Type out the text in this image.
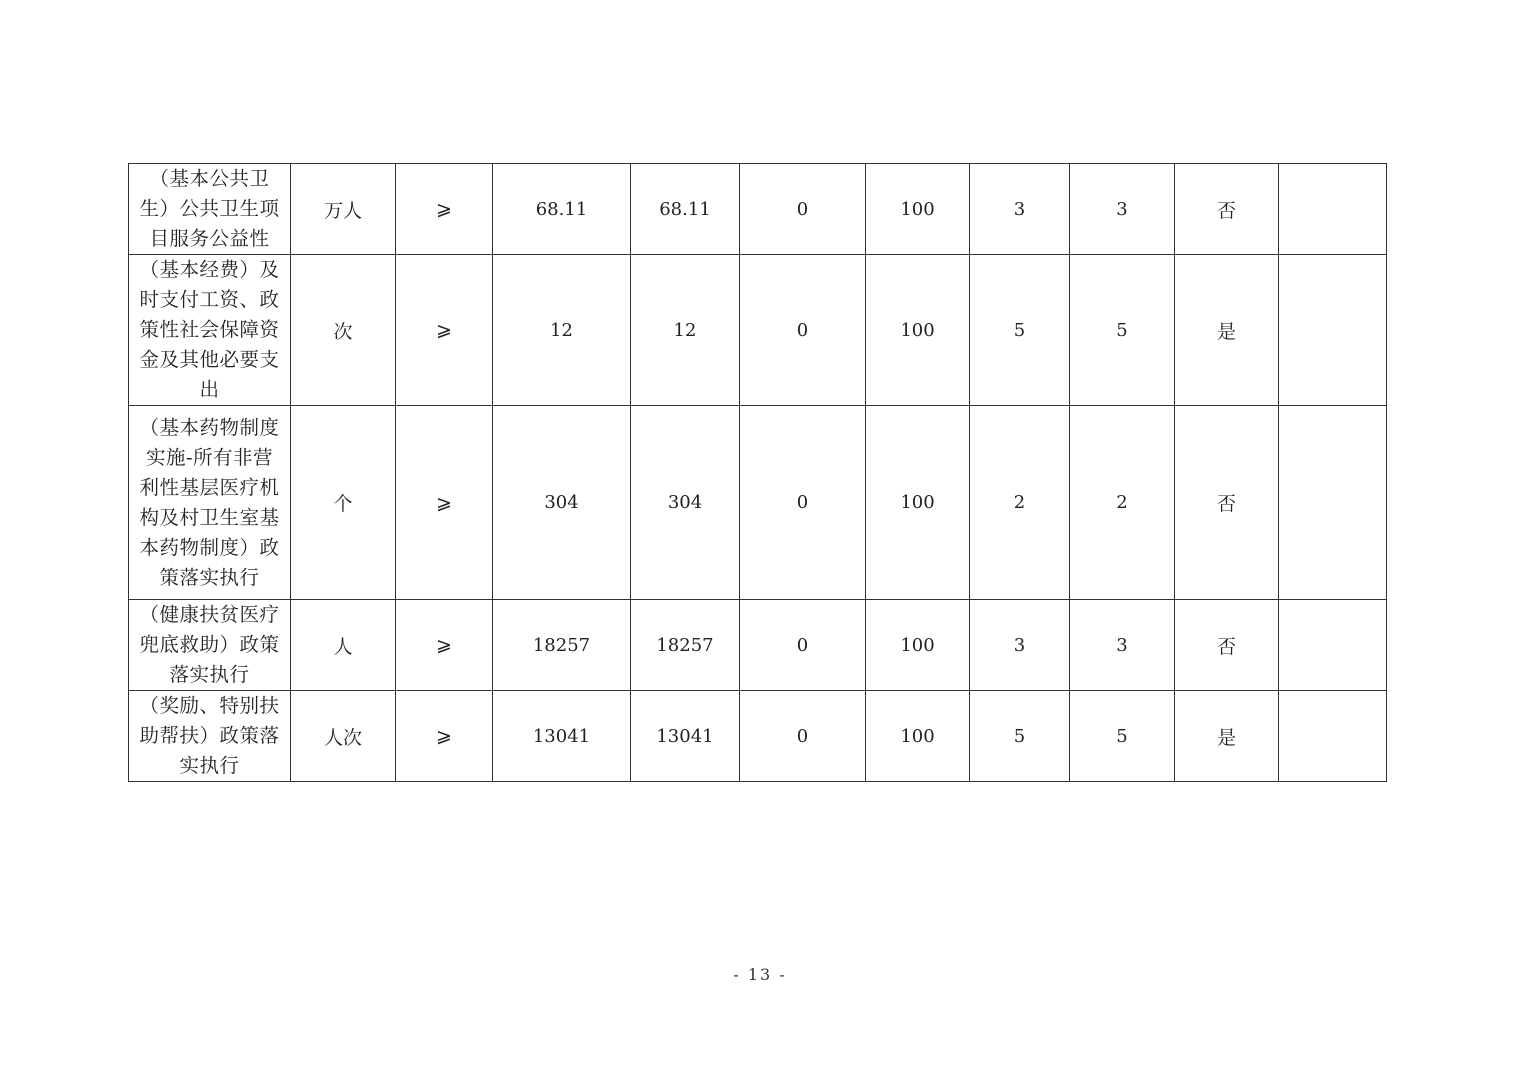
（基本公共卫生）公共卫生项目服务公益性	万人	⩾	68.11	68.11	0	100	3	3	否	
（基本经费）及时支付工资、政策性社会保障资金及其他必要支出	次	⩾	12	12	0	100	5	5	是	
（基本药物制度实施-所有非营利性基层医疗机构及村卫生室基本药物制度）政策落实执行	个	⩾	304	304	0	100	2	2	否	
（健康扶贫医疗兜底救助）政策落实执行	人	⩾	18257	18257	0	100	3	3	否	
（奖励、特别扶助帮扶）政策落实执行	人次	⩾	13041	13041	0	100	5	5	是	
- 13 -
